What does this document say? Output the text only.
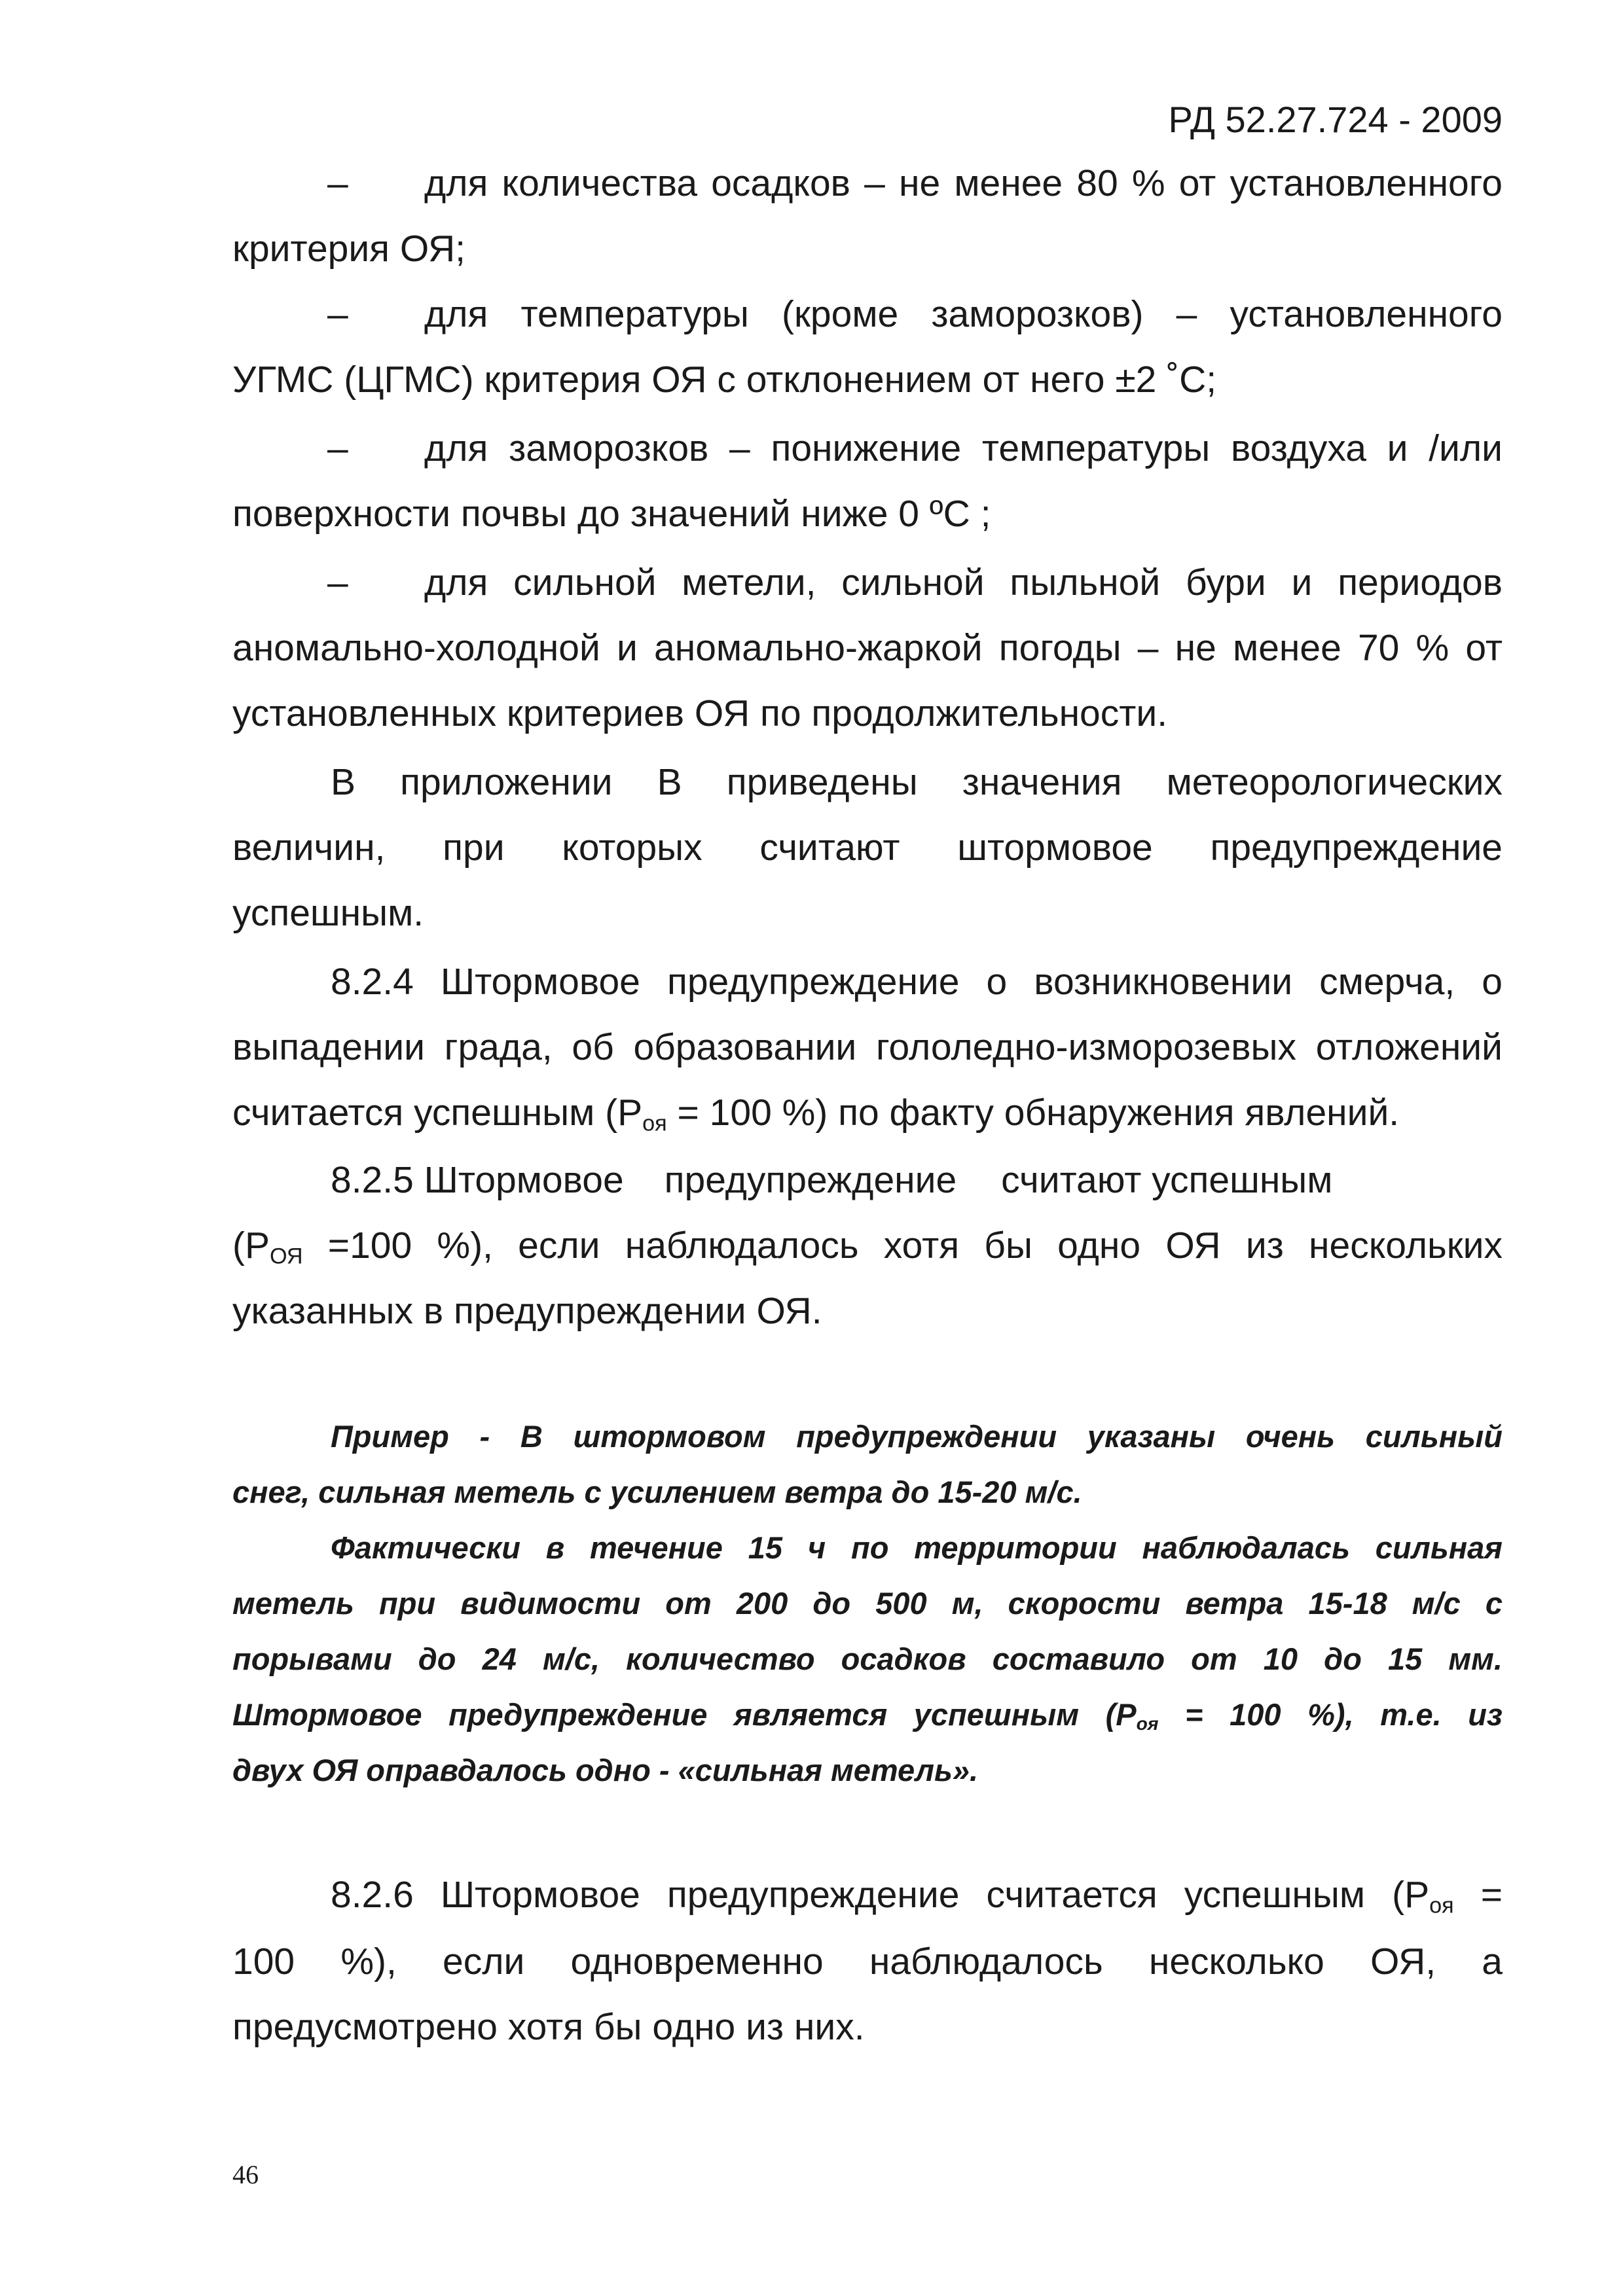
РД 52.27.724 - 2009
– для количества осадков – не менее 80 % от установленного
критерия ОЯ;
– для температуры (кроме заморозков) – установленного
УГМС (ЦГМС) критерия ОЯ с отклонением от него ±2 ˚С;
– для заморозков – понижение температуры воздуха и /или
поверхности почвы до значений ниже 0 ºС ;
– для сильной метели, сильной пыльной бури и периодов
аномально-холодной и аномально-жаркой погоды – не менее 70 % от
установленных критериев ОЯ по продолжительности.
В приложении В приведены значения метеорологических
величин, при которых считают штормовое предупреждение
успешным.
8.2.4 Штормовое предупреждение о возникновении смерча, о
выпадении града, об образовании гололедно-изморозевых отложений
считается успешным ($Р_{оя} = 100$ %) по факту обнаружения явлений.
8.2.5 Штормовое предупреждение считают успешным
($Р_{ОЯ} =100$ %), если наблюдалось хотя бы одно ОЯ из нескольких
указанных в предупреждении ОЯ.
Пример - В штормовом предупреждении указаны очень сильный
снег, сильная метель с усилением ветра до 15-20 м/с.
Фактически в течение 15 ч по территории наблюдалась сильная
метель при видимости от 200 до 500 м, скорости ветра 15-18 м/с с
порывами до 24 м/с, количество осадков составило от 10 до 15 мм.
Штормовое предупреждение является успешным ($Р_{оя} = 100$ %), т.е. из
двух ОЯ оправдалось одно - «сильная метель».
8.2.6 Штормовое предупреждение считается успешным ($Р_{оя}$ =
100 %), если одновременно наблюдалось несколько ОЯ, а
предусмотрено хотя бы одно из них.
46
